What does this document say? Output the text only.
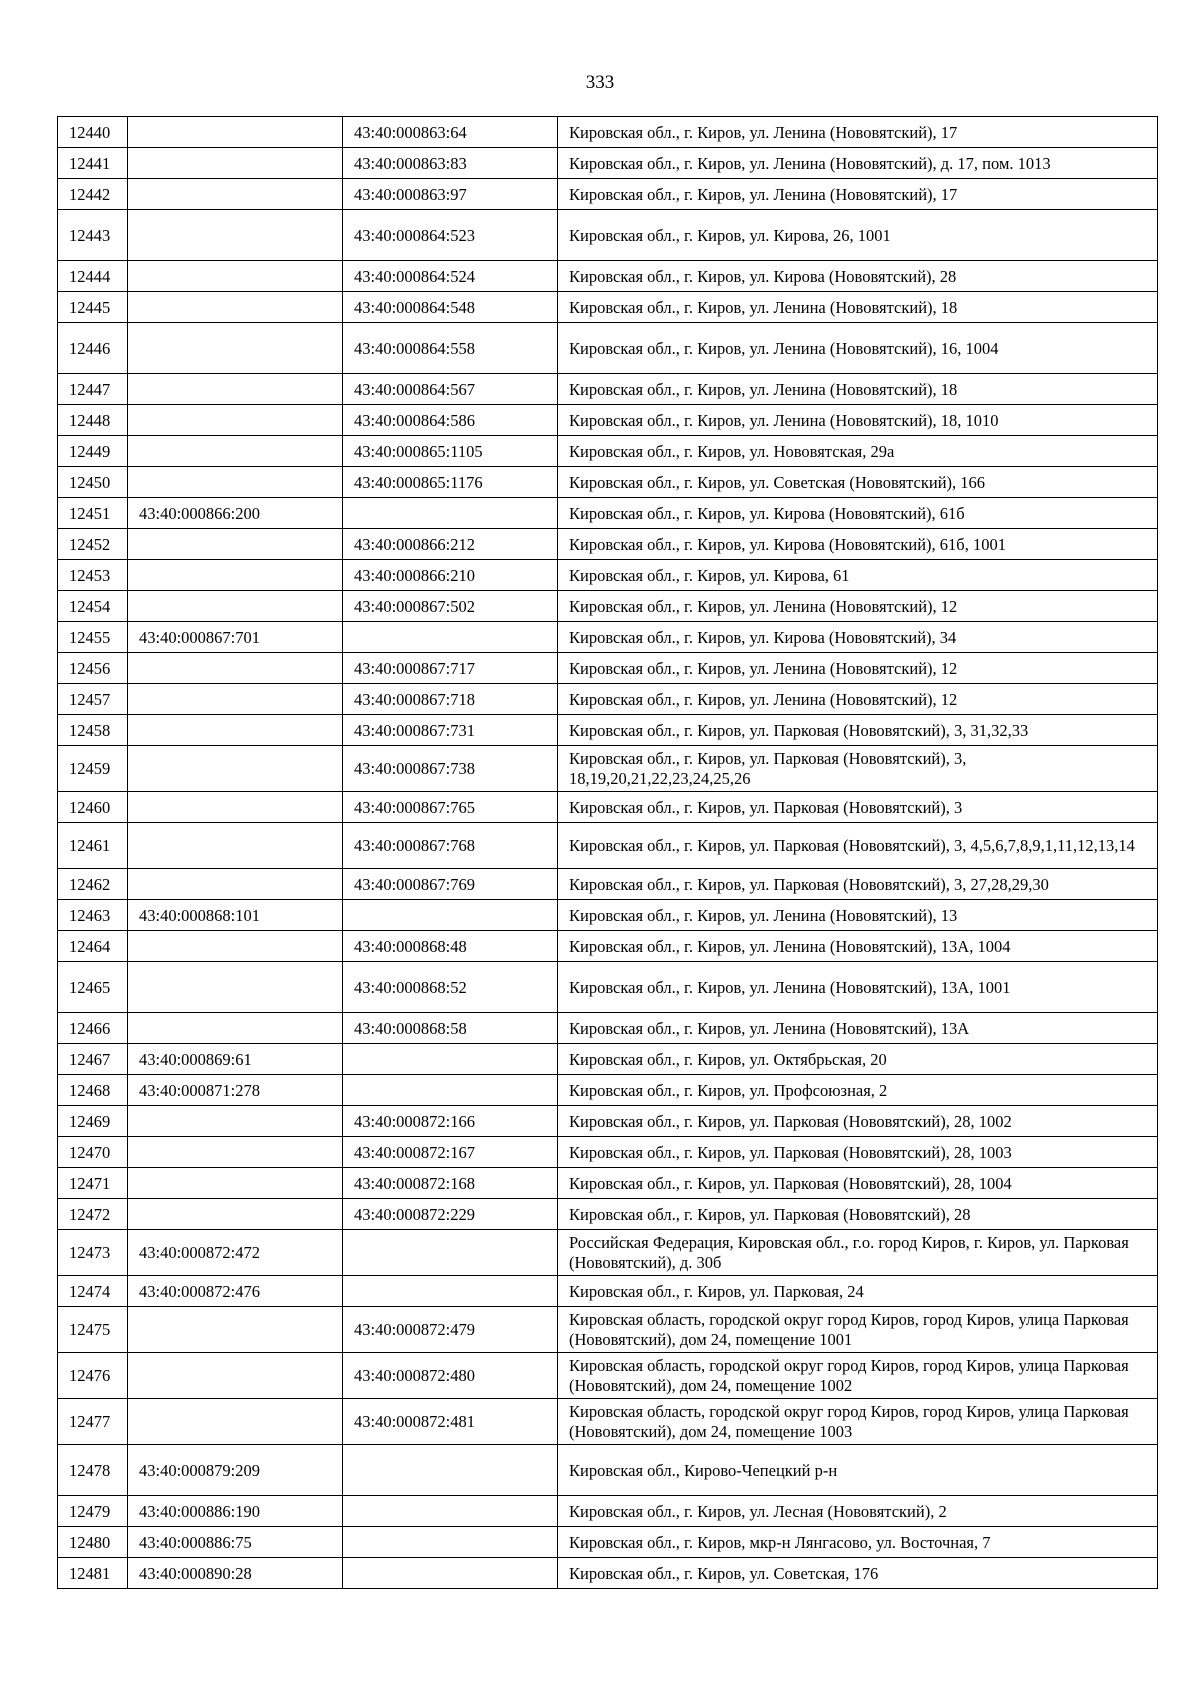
333
12440		43:40:000863:64	Кировская обл., г. Киров, ул. Ленина (Нововятский), 17
12441		43:40:000863:83	Кировская обл., г. Киров, ул. Ленина (Нововятский), д. 17, пом. 1013
12442		43:40:000863:97	Кировская обл., г. Киров, ул. Ленина (Нововятский), 17
12443		43:40:000864:523	Кировская обл., г. Киров, ул. Кирова, 26, 1001
12444		43:40:000864:524	Кировская обл., г. Киров, ул. Кирова (Нововятский), 28
12445		43:40:000864:548	Кировская обл., г. Киров, ул. Ленина (Нововятский), 18
12446		43:40:000864:558	Кировская обл., г. Киров, ул. Ленина (Нововятский), 16, 1004
12447		43:40:000864:567	Кировская обл., г. Киров, ул. Ленина (Нововятский), 18
12448		43:40:000864:586	Кировская обл., г. Киров, ул. Ленина (Нововятский), 18, 1010
12449		43:40:000865:1105	Кировская обл., г. Киров, ул. Нововятская, 29а
12450		43:40:000865:1176	Кировская обл., г. Киров, ул. Советская (Нововятский), 166
12451	43:40:000866:200		Кировская обл., г. Киров, ул. Кирова (Нововятский), 61б
12452		43:40:000866:212	Кировская обл., г. Киров, ул. Кирова (Нововятский), 61б, 1001
12453		43:40:000866:210	Кировская обл., г. Киров, ул. Кирова, 61
12454		43:40:000867:502	Кировская обл., г. Киров, ул. Ленина (Нововятский), 12
12455	43:40:000867:701		Кировская обл., г. Киров, ул. Кирова (Нововятский), 34
12456		43:40:000867:717	Кировская обл., г. Киров, ул. Ленина (Нововятский), 12
12457		43:40:000867:718	Кировская обл., г. Киров, ул. Ленина (Нововятский), 12
12458		43:40:000867:731	Кировская обл., г. Киров, ул. Парковая (Нововятский), 3, 31,32,33
12459		43:40:000867:738	Кировская обл., г. Киров, ул. Парковая (Нововятский), 3, 18,19,20,21,22,23,24,25,26
12460		43:40:000867:765	Кировская обл., г. Киров, ул. Парковая (Нововятский), 3
12461		43:40:000867:768	Кировская обл., г. Киров, ул. Парковая (Нововятский), 3, 4,5,6,7,8,9,1,11,12,13,14
12462		43:40:000867:769	Кировская обл., г. Киров, ул. Парковая (Нововятский), 3, 27,28,29,30
12463	43:40:000868:101		Кировская обл., г. Киров, ул. Ленина (Нововятский), 13
12464		43:40:000868:48	Кировская обл., г. Киров, ул. Ленина (Нововятский), 13А, 1004
12465		43:40:000868:52	Кировская обл., г. Киров, ул. Ленина (Нововятский), 13А, 1001
12466		43:40:000868:58	Кировская обл., г. Киров, ул. Ленина (Нововятский), 13А
12467	43:40:000869:61		Кировская обл., г. Киров, ул. Октябрьская, 20
12468	43:40:000871:278		Кировская обл., г. Киров, ул. Профсоюзная, 2
12469		43:40:000872:166	Кировская обл., г. Киров, ул. Парковая (Нововятский), 28, 1002
12470		43:40:000872:167	Кировская обл., г. Киров, ул. Парковая (Нововятский), 28, 1003
12471		43:40:000872:168	Кировская обл., г. Киров, ул. Парковая (Нововятский), 28, 1004
12472		43:40:000872:229	Кировская обл., г. Киров, ул. Парковая (Нововятский), 28
12473	43:40:000872:472		Российская Федерация, Кировская обл., г.о. город Киров, г. Киров, ул. Парковая (Нововятский), д. 30б
12474	43:40:000872:476		Кировская обл., г. Киров, ул. Парковая, 24
12475		43:40:000872:479	Кировская область, городской округ город Киров, город Киров, улица Парковая (Нововятский), дом 24, помещение 1001
12476		43:40:000872:480	Кировская область, городской округ город Киров, город Киров, улица Парковая (Нововятский), дом 24, помещение 1002
12477		43:40:000872:481	Кировская область, городской округ город Киров, город Киров, улица Парковая (Нововятский), дом 24, помещение 1003
12478	43:40:000879:209		Кировская обл., Кирово-Чепецкий р-н
12479	43:40:000886:190		Кировская обл., г. Киров, ул. Лесная (Нововятский), 2
12480	43:40:000886:75		Кировская обл., г. Киров, мкр-н Лянгасово, ул. Восточная, 7
12481	43:40:000890:28		Кировская обл., г. Киров, ул. Советская, 176
